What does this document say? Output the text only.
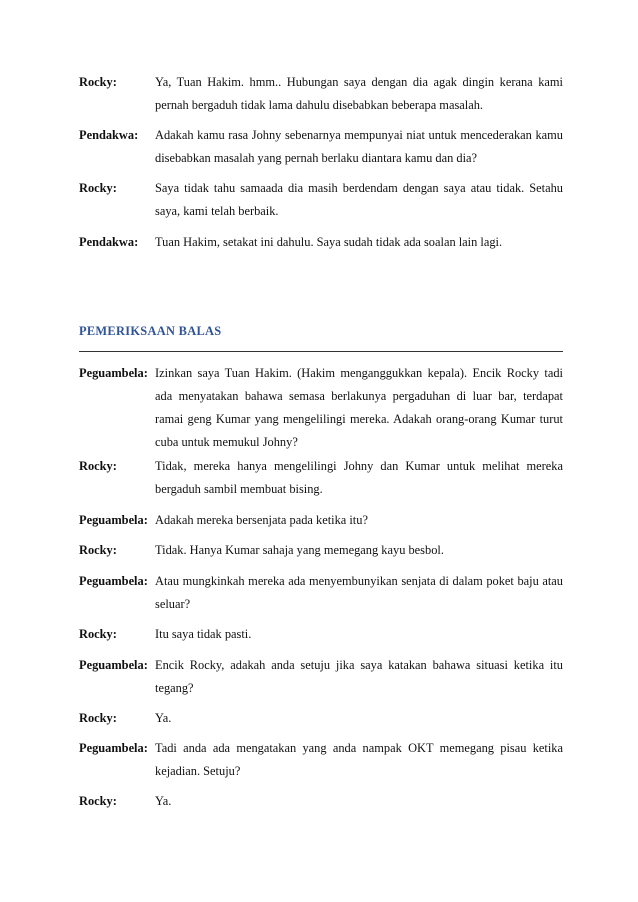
Rocky:	Ya, Tuan Hakim. hmm.. Hubungan saya dengan dia agak dingin kerana kami pernah bergaduh tidak lama dahulu disebabkan beberapa masalah.
Pendakwa: Adakah kamu rasa Johny sebenarnya mempunyai niat untuk mencederakan kamu disebabkan masalah yang pernah berlaku diantara kamu dan dia?
Rocky:	Saya tidak tahu samaada dia masih berdendam dengan saya atau tidak. Setahu saya, kami telah berbaik.
Pendakwa: Tuan Hakim, setakat ini dahulu. Saya sudah tidak ada soalan lain lagi.
PEMERIKSAAN BALAS
Peguambela: Izinkan saya Tuan Hakim. (Hakim menganggukkan kepala). Encik Rocky tadi ada menyatakan bahawa semasa berlakunya pergaduhan di luar bar, terdapat ramai geng Kumar yang mengelilingi mereka. Adakah orang-orang Kumar turut cuba untuk memukul Johny?
Rocky:	Tidak, mereka hanya mengelilingi Johny dan Kumar untuk melihat mereka bergaduh sambil membuat bising.
Peguambela: Adakah mereka bersenjata pada ketika itu?
Rocky:	Tidak. Hanya Kumar sahaja yang memegang kayu besbol.
Peguambela: Atau mungkinkah mereka ada menyembunyikan senjata di dalam poket baju atau seluar?
Rocky:	Itu saya tidak pasti.
Peguambela: Encik Rocky, adakah anda setuju jika saya katakan bahawa situasi ketika itu tegang?
Rocky:	Ya.
Peguambela: Tadi anda ada mengatakan yang anda nampak OKT memegang pisau ketika kejadian. Setuju?
Rocky:	Ya.
